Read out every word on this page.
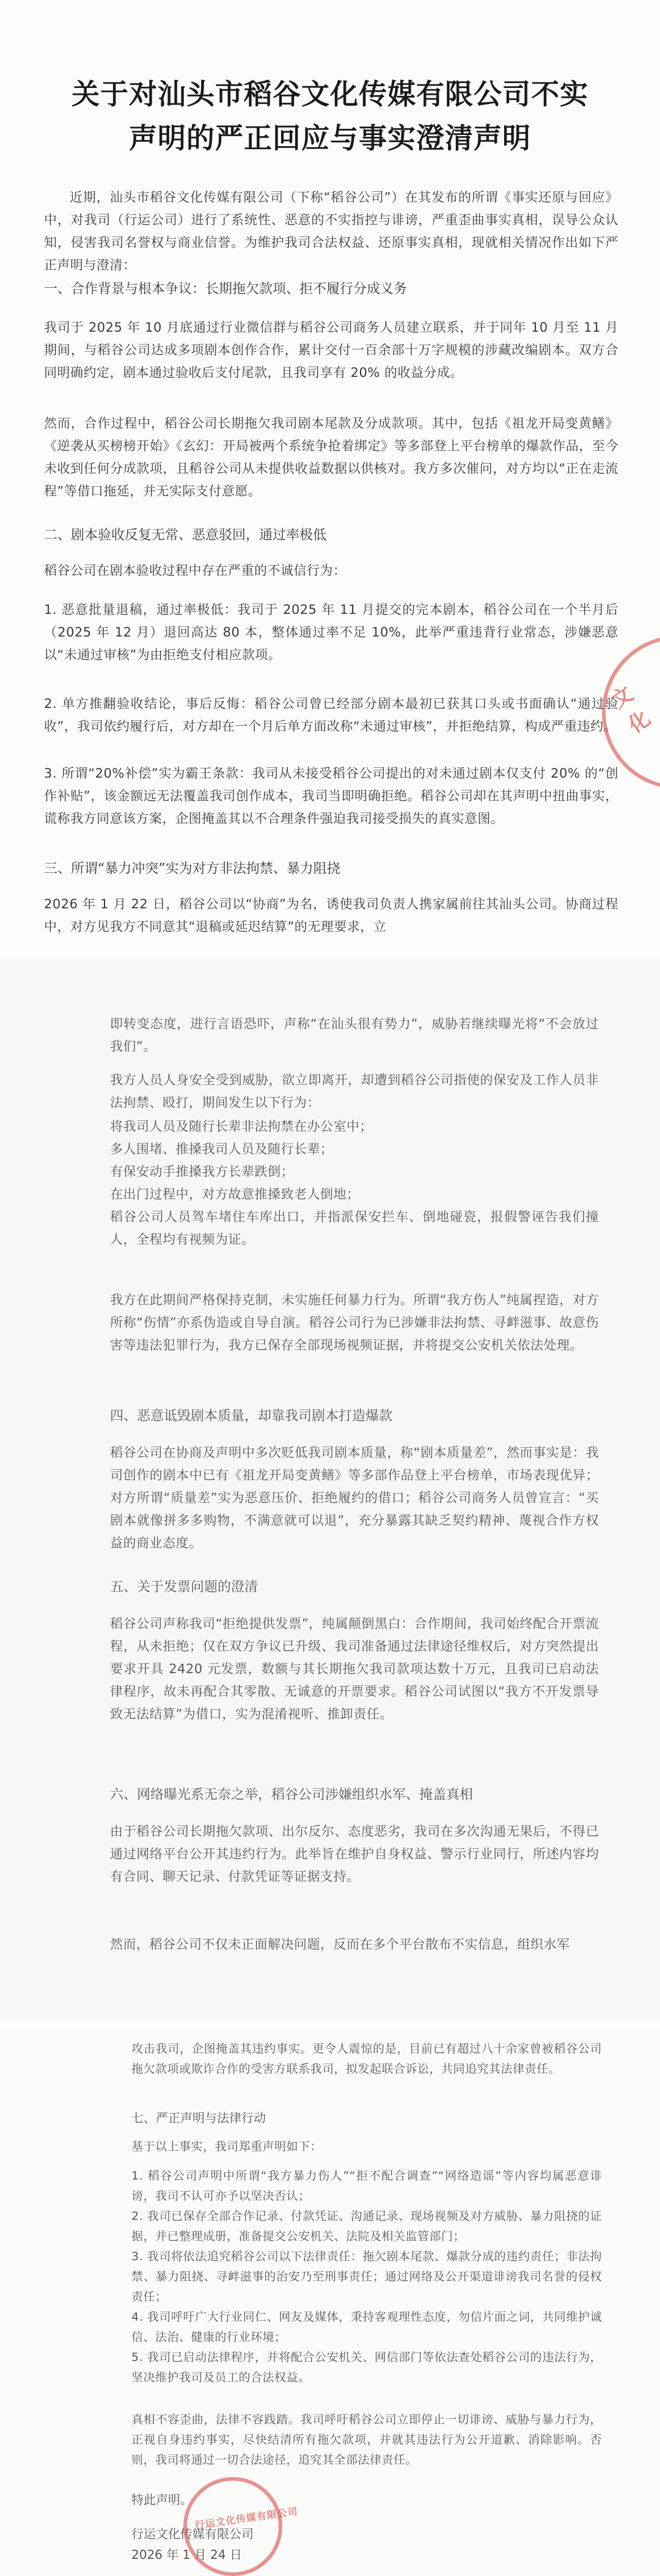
关于对汕头市稻谷文化传媒有限公司不实

声明的严正回应与事实澄清声明

近期，汕头市稻谷文化传媒有限公司（下称“稻谷公司”）在其发布的所谓《事实还原与回应》中，对我司（行运公司）进行了系统性、恶意的不实指控与诽谤，严重歪曲事实真相，误导公众认知，侵害我司名誉权与商业信誉。为维护我司合法权益、还原事实真相，现就相关情况作出如下严正声明与澄清：

一、合作背景与根本争议：长期拖欠款项、拒不履行分成义务

我司于 2025 年 10 月底通过行业微信群与稻谷公司商务人员建立联系，并于同年 10 月至 11 月期间，与稻谷公司达成多项剧本创作合作，累计交付一百余部十万字规模的涉藏改编剧本。双方合同明确约定，剧本通过验收后支付尾款，且我司享有 20% 的收益分成。

然而，合作过程中，稻谷公司长期拖欠我司剧本尾款及分成款项。其中，包括《祖龙开局变黄鳝》《逆袭从买榜榜开始》《玄幻：开局被两个系统争抢着绑定》等多部登上平台榜单的爆款作品，至今未收到任何分成款项，且稻谷公司从未提供收益数据以供核对。我方多次催问，对方均以“正在走流程”等借口拖延，并无实际支付意愿。

二、剧本验收反复无常、恶意驳回，通过率极低

稻谷公司在剧本验收过程中存在严重的不诚信行为：

1. 恶意批量退稿，通过率极低：我司于 2025 年 11 月提交的完本剧本，稻谷公司在一个半月后（2025 年 12 月）退回高达 80 本，整体通过率不足 10%，此举严重违背行业常态，涉嫌恶意以“未通过审核”为由拒绝支付相应款项。

2. 单方推翻验收结论，事后反悔：稻谷公司曾已经部分剧本最初已获其口头或书面确认“通过验收”，我司依约履行后，对方却在一个月后单方面改称“未通过审核”，并拒绝结算，构成严重违约。

3. 所谓“20%补偿”实为霸王条款：我司从未接受稻谷公司提出的对未通过剧本仅支付 20% 的“创作补贴”，该金额远无法覆盖我司创作成本，我司当即明确拒绝。稻谷公司却在其声明中扭曲事实，谎称我方同意该方案，企图掩盖其以不合理条件强迫我司接受损失的真实意图。

三、所谓“暴力冲突”实为对方非法拘禁、暴力阻挠

2026 年 1 月 22 日，稻谷公司以“协商”为名，诱使我司负责人携家属前往其汕头公司。协商过程中，对方见我方不同意其“退稿或延迟结算”的无理要求，立

文化

即转变态度，进行言语恐吓，声称“在汕头很有势力”，威胁若继续曝光将“不会放过我们”。

我方人员人身安全受到威胁，欲立即离开，却遭到稻谷公司指使的保安及工作人员非法拘禁、殴打，期间发生以下行为：

将我司人员及随行长辈非法拘禁在办公室中；

多人围堵、推搡我司人员及随行长辈；

有保安动手推搡我方长辈跌倒；

在出门过程中，对方故意推搡致老人倒地；

稻谷公司人员驾车堵住车库出口，并指派保安拦车、倒地碰瓷，报假警诬告我们撞人，全程均有视频为证。

我方在此期间严格保持克制，未实施任何暴力行为。所谓“我方伤人”纯属捏造，对方所称“伤情”亦系伪造或自导自演。稻谷公司行为已涉嫌非法拘禁、寻衅滋事、故意伤害等违法犯罪行为，我方已保存全部现场视频证据，并将提交公安机关依法处理。

四、恶意诋毁剧本质量，却靠我司剧本打造爆款

稻谷公司在协商及声明中多次贬低我司剧本质量，称“剧本质量差”，然而事实是：我司创作的剧本中已有《祖龙开局变黄鳝》等多部作品登上平台榜单，市场表现优异；对方所谓“质量差”实为恶意压价、拒绝履约的借口；稻谷公司商务人员曾宣言：“买剧本就像拼多多购物，不满意就可以退”，充分暴露其缺乏契约精神、蔑视合作方权益的商业态度。

五、关于发票问题的澄清

稻谷公司声称我司“拒绝提供发票”，纯属颠倒黑白：合作期间，我司始终配合开票流程，从未拒绝；仅在双方争议已升级、我司准备通过法律途径维权后，对方突然提出要求开具 2420 元发票，数额与其长期拖欠我司款项达数十万元，且我司已启动法律程序，故未再配合其零散、无诚意的开票要求。稻谷公司试图以“我方不开发票导致无法结算”为借口，实为混淆视听、推卸责任。

六、网络曝光系无奈之举，稻谷公司涉嫌组织水军、掩盖真相

由于稻谷公司长期拖欠款项、出尔反尔、态度恶劣，我司在多次沟通无果后，不得已通过网络平台公开其违约行为。此举旨在维护自身权益、警示行业同行，所述内容均有合同、聊天记录、付款凭证等证据支持。

然而，稻谷公司不仅未正面解决问题，反而在多个平台散布不实信息，组织水军

攻击我司，企图掩盖其违约事实。更令人震惊的是，目前已有超过八十余家曾被稻谷公司拖欠款项或欺诈合作的受害方联系我司，拟发起联合诉讼，共同追究其法律责任。

七、严正声明与法律行动

基于以上事实，我司郑重声明如下：

1. 稻谷公司声明中所谓“我方暴力伤人”“拒不配合调查”“网络造谣”等内容均属恶意诽谤，我司不认可亦予以坚决否认；

2. 我司已保存全部合作记录、付款凭证、沟通记录、现场视频及对方威胁、暴力阻挠的证据，并已整理成册，准备提交公安机关、法院及相关监管部门；

3. 我司将依法追究稻谷公司以下法律责任：拖欠剧本尾款、爆款分成的违约责任；非法拘禁、暴力阻挠、寻衅滋事的治安乃至刑事责任；通过网络及公开渠道诽谤我司名誉的侵权责任；

4. 我司呼吁广大行业同仁、网友及媒体，秉持客观理性态度，勿信片面之词，共同维护诚信、法治、健康的行业环境；

5. 我司已启动法律程序，并将配合公安机关、网信部门等依法查处稻谷公司的违法行为，坚决维护我司及员工的合法权益。

真相不容歪曲，法律不容践踏。我司呼吁稻谷公司立即停止一切诽谤、威胁与暴力行为，正视自身违约事实，尽快结清所有拖欠款项，并就其违法行为公开道歉、消除影响。否则，我司将通过一切合法途径，追究其全部法律责任。

特此声明。

行运文化传媒有限公司

2026 年 1 月 24 日

行运文化传媒有限公司
